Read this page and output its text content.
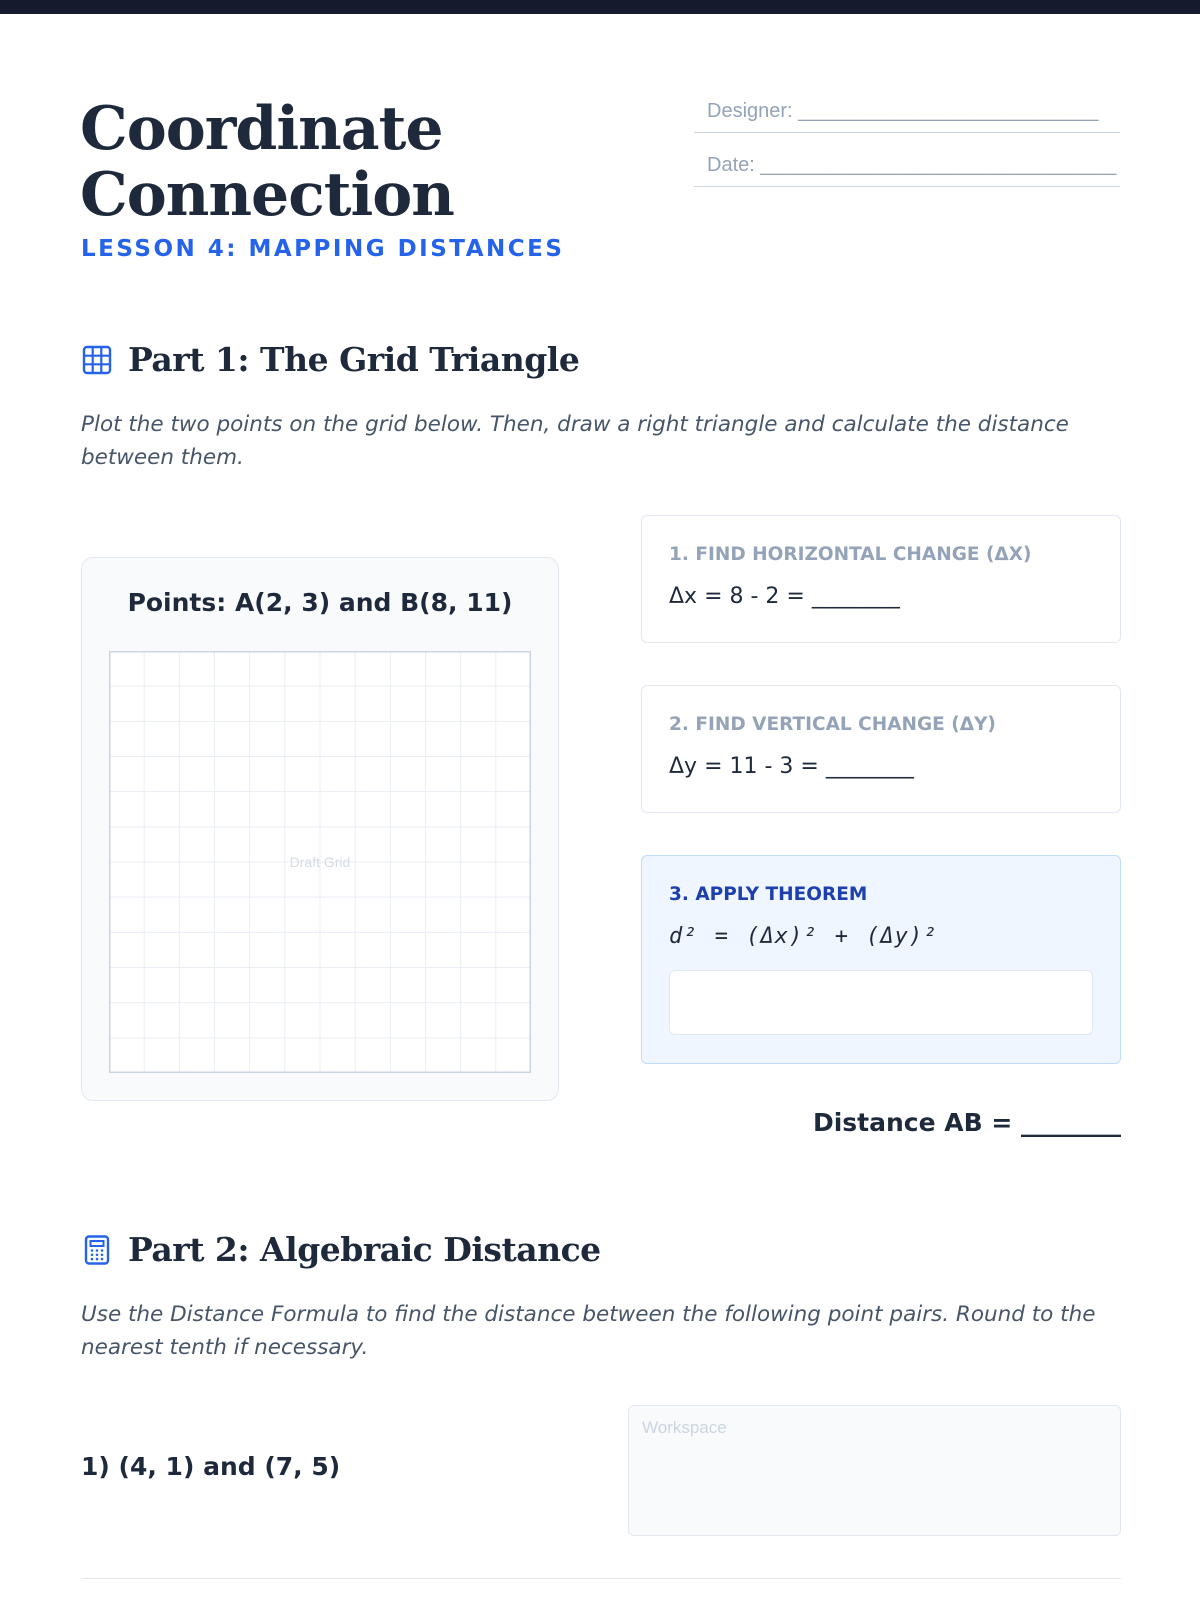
Coordinate
Connection
LESSON 4: MAPPING DISTANCES
Designer: ___________________________
Date: ________________________________
Part 1: The Grid Triangle

Plot the two points on the grid below. Then, draw a right triangle and calculate the distance between them.

Points: A(2, 3) and B(8, 11)
Draft Grid
1. FIND HORIZONTAL CHANGE (ΔX)
Δx = 8 - 2 = ________
2. FIND VERTICAL CHANGE (ΔY)
Δy = 11 - 3 = ________
3. APPLY THEOREM
d² = (Δx)² + (Δy)²
Distance AB = ________
Part 2: Algebraic Distance

Use the Distance Formula to find the distance between the following point pairs. Round to the nearest tenth if necessary.

1) (4, 1) and (7, 5)
Workspace
